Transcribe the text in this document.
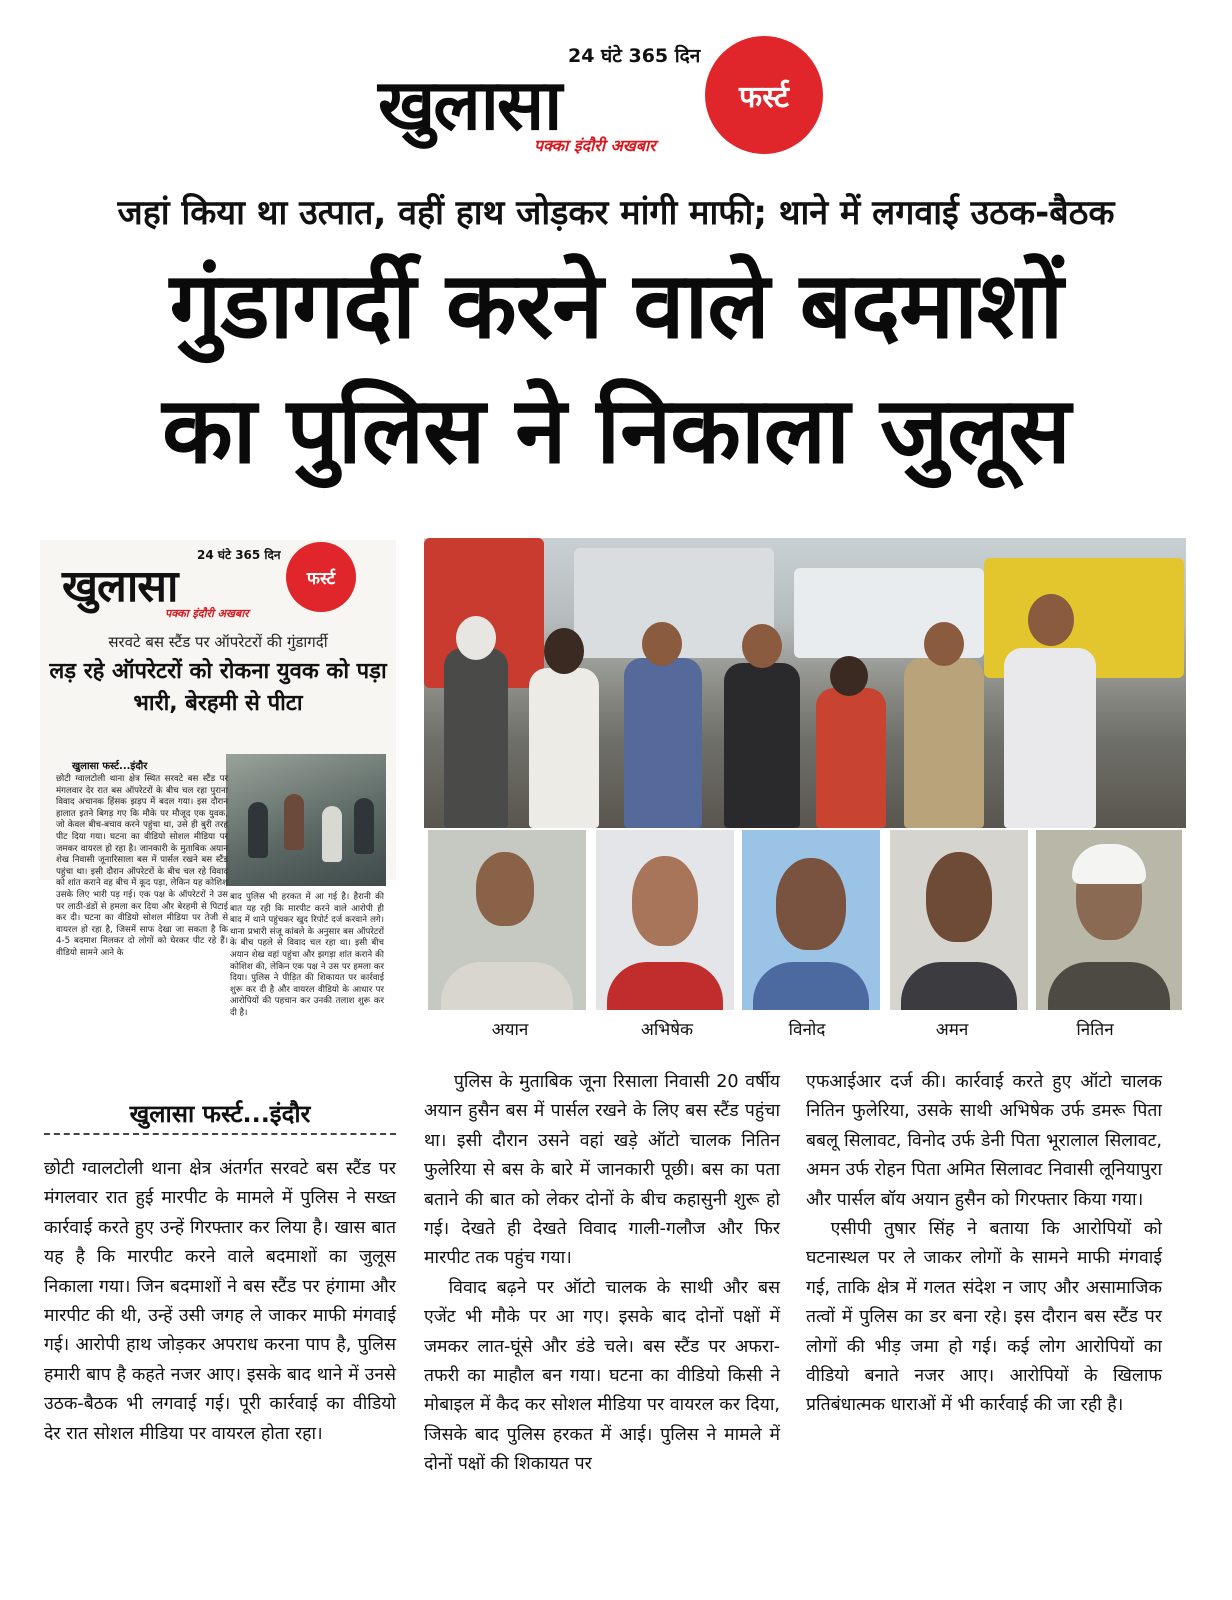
24 घंटे 365 दिन
खुलासा	फर्स्ट
पक्का इंदौरी अखबार
जहां किया था उत्पात, वहीं हाथ जोड़कर मांगी माफी; थाने में लगवाई उठक-बैठक
गुंडागर्दी करने वाले बदमाशों
का पुलिस ने निकाला जुलूस
24 घंटे 365 दिन
खुलासा	फर्स्ट
पक्का इंदौरी अखबार
सरवटे बस स्टैंड पर ऑपरेटरों की गुंडागर्दी
लड़ रहे ऑपरेटरों को रोकना युवक को पड़ा भारी, बेरहमी से पीटा
खुलासा फर्स्ट...इंदौर

छोटी ग्वालटोली थाना क्षेत्र स्थित सरवटे बस स्टैंड पर मंगलवार देर रात बस ऑपरेटरों के बीच चल रहा पुराना विवाद अचानक हिंसक झड़प में बदल गया। इस दौरान हालात इतने बिगड़ गए कि मौके पर मौजूद एक युवक, जो केवल बीच-बचाव करने पहुंचा था, उसे ही बुरी तरह पीट दिया गया। घटना का वीडियो सोशल मीडिया पर जमकर वायरल हो रहा है। जानकारी के मुताबिक अयान शेख निवासी जूनारिसाला बस में पार्सल रखने बस स्टैंड पहुंचा था। इसी दौरान ऑपरेटरों के बीच चल रहे विवाद को शांत कराने वह बीच में कूद पड़ा, लेकिन यह कोशिश उसके लिए भारी पड़ गई। एक पक्ष के ऑपरेटरों ने उस पर लाठी-डंडों से हमला कर दिया और बेरहमी से पिटाई कर दी। घटना का वीडियो सोशल मीडिया पर तेजी से वायरल हो रहा है, जिसमें साफ देखा जा सकता है कि 4-5 बदमाश मिलकर दो लोगों को घेरकर पीट रहे हैं। वीडियो सामने आने के

बाद पुलिस भी हरकत में आ गई है। हैरानी की बात यह रही कि मारपीट करने वाले आरोपी ही बाद में थाने पहुंचकर खुद रिपोर्ट दर्ज करवाने लगे। थाना प्रभारी संजू कांबले के अनुसार बस ऑपरेटरों के बीच पहले से विवाद चल रहा था। इसी बीच अयान शेख वहां पहुंचा और झगड़ा शांत कराने की कोशिश की, लेकिन एक पक्ष ने उस पर हमला कर दिया। पुलिस ने पीड़ित की शिकायत पर कार्रवाई शुरू कर दी है और वायरल वीडियो के आधार पर आरोपियों की पहचान कर उनकी तलाश शुरू कर दी है।

अयान	अभिषेक	विनोद	अमन	नितिन
खुलासा फर्स्ट...इंदौर

छोटी ग्वालटोली थाना क्षेत्र अंतर्गत सरवटे बस स्टैंड पर मंगलवार रात हुई मारपीट के मामले में पुलिस ने सख्त कार्रवाई करते हुए उन्हें गिरफ्तार कर लिया है। खास बात यह है कि मारपीट करने वाले बदमाशों का जुलूस निकाला गया। जिन बदमाशों ने बस स्टैंड पर हंगामा और मारपीट की थी, उन्हें उसी जगह ले जाकर माफी मंगवाई गई। आरोपी हाथ जोड़कर अपराध करना पाप है, पुलिस हमारी बाप है कहते नजर आए। इसके बाद थाने में उनसे उठक-बैठक भी लगवाई गई। पूरी कार्रवाई का वीडियो देर रात सोशल मीडिया पर वायरल होता रहा।

पुलिस के मुताबिक जूना रिसाला निवासी 20 वर्षीय अयान हुसैन बस में पार्सल रखने के लिए बस स्टैंड पहुंचा था। इसी दौरान उसने वहां खड़े ऑटो चालक नितिन फुलेरिया से बस के बारे में जानकारी पूछी। बस का पता बताने की बात को लेकर दोनों के बीच कहासुनी शुरू हो गई। देखते ही देखते विवाद गाली-गलौज और फिर मारपीट तक पहुंच गया।

विवाद बढ़ने पर ऑटो चालक के साथी और बस एजेंट भी मौके पर आ गए। इसके बाद दोनों पक्षों में जमकर लात-घूंसे और डंडे चले। बस स्टैंड पर अफरा-तफरी का माहौल बन गया। घटना का वीडियो किसी ने मोबाइल में कैद कर सोशल मीडिया पर वायरल कर दिया, जिसके बाद पुलिस हरकत में आई। पुलिस ने मामले में दोनों पक्षों की शिकायत पर

एफआईआर दर्ज की। कार्रवाई करते हुए ऑटो चालक नितिन फुलेरिया, उसके साथी अभिषेक उर्फ डमरू पिता बबलू सिलावट, विनोद उर्फ डेनी पिता भूरालाल सिलावट, अमन उर्फ रोहन पिता अमित सिलावट निवासी लूनियापुरा और पार्सल बॉय अयान हुसैन को गिरफ्तार किया गया।

एसीपी तुषार सिंह ने बताया कि आरोपियों को घटनास्थल पर ले जाकर लोगों के सामने माफी मंगवाई गई, ताकि क्षेत्र में गलत संदेश न जाए और असामाजिक तत्वों में पुलिस का डर बना रहे। इस दौरान बस स्टैंड पर लोगों की भीड़ जमा हो गई। कई लोग आरोपियों का वीडियो बनाते नजर आए। आरोपियों के खिलाफ प्रतिबंधात्मक धाराओं में भी कार्रवाई की जा रही है।
